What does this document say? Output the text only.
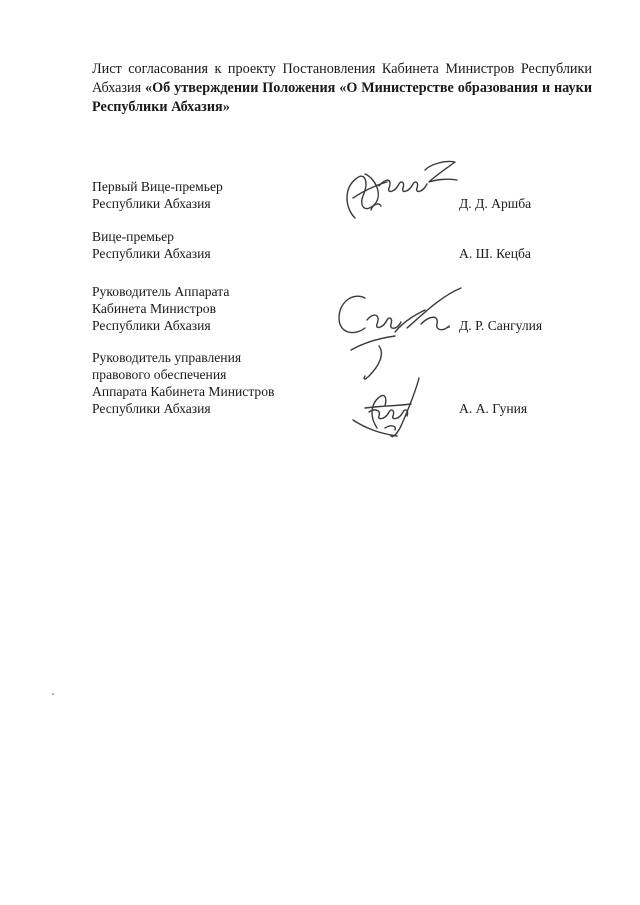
Лист согласования к проекту Постановления Кабинета Министров Республики Абхазия «Об утверждении Положения «О Министерстве образования и науки Республики Абхазия»
Первый Вице-премьер
Республики Абхазия	Д. Д. Аршба
Вице-премьер
Республики Абхазия	А. Ш. Кецба
Руководитель Аппарата
Кабинета Министров
Республики Абхазия	Д. Р. Сангулия
Руководитель управления
правового обеспечения
Аппарата Кабинета Министров
Республики Абхазия	А. А. Гуния
